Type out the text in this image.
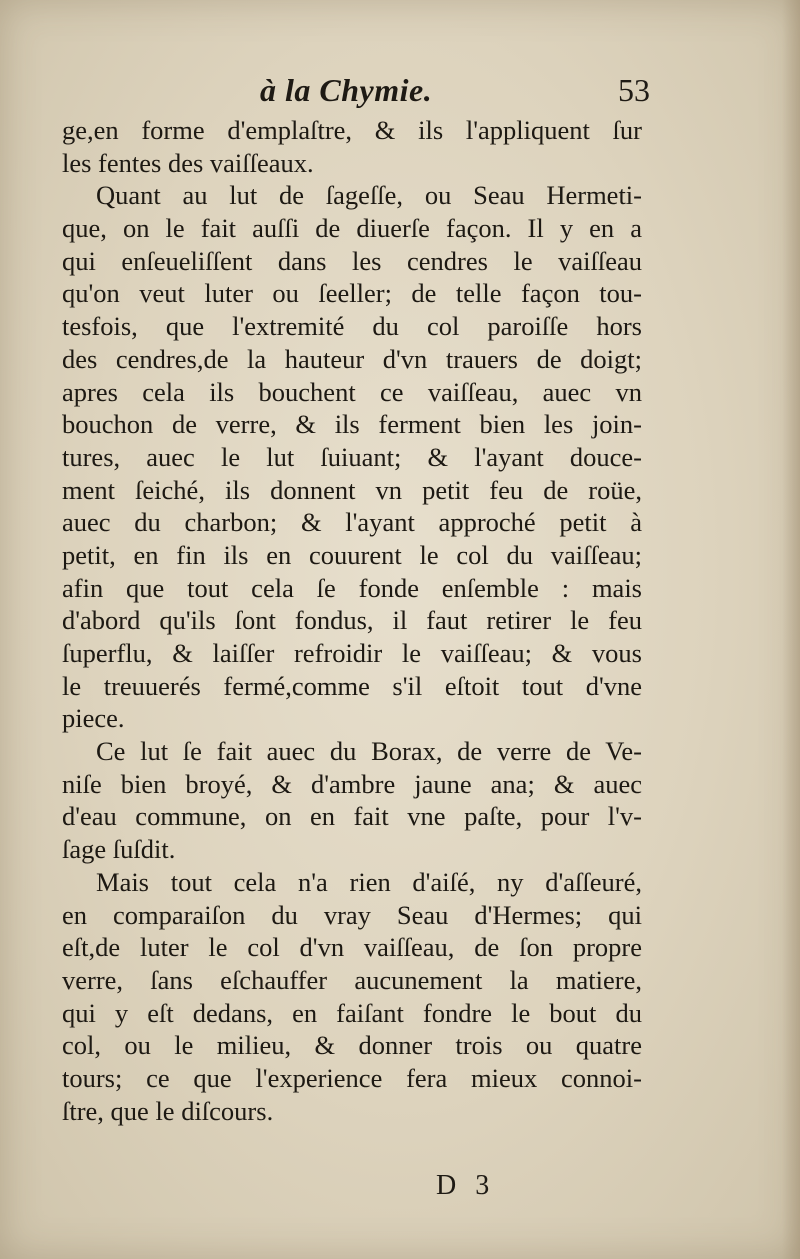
à la Chymie.	53
ge,en forme d'emplaſtre, & ils l'appliquent ſur
les fentes des vaiſſeaux.
Quant au lut de ſageſſe, ou Seau Hermeti-
que, on le fait auſſi de diuerſe façon. Il y en a
qui enſeueliſſent dans les cendres le vaiſſeau
qu'on veut luter ou ſeeller; de telle façon tou-
tesfois, que l'extremité du col paroiſſe hors
des cendres,de la hauteur d'vn trauers de doigt;
apres cela ils bouchent ce vaiſſeau, auec vn
bouchon de verre, & ils ferment bien les join-
tures, auec le lut ſuiuant; & l'ayant douce-
ment ſeiché, ils donnent vn petit feu de roüe,
auec du charbon; & l'ayant approché petit à
petit, en fin ils en couurent le col du vaiſſeau;
afin que tout cela ſe fonde enſemble : mais
d'abord qu'ils ſont fondus, il faut retirer le feu
ſuperflu, & laiſſer refroidir le vaiſſeau; & vous
le treuuerés fermé,comme s'il eſtoit tout d'vne
piece.
Ce lut ſe fait auec du Borax, de verre de Ve-
niſe bien broyé, & d'ambre jaune ana; & auec
d'eau commune, on en fait vne paſte, pour l'v-
ſage ſuſdit.
Mais tout cela n'a rien d'aiſé, ny d'aſſeuré,
en comparaiſon du vray Seau d'Hermes; qui
eſt,de luter le col d'vn vaiſſeau, de ſon propre
verre, ſans eſchauffer aucunement la matiere,
qui y eſt dedans, en faiſant fondre le bout du
col, ou le milieu, & donner trois ou quatre
tours; ce que l'experience fera mieux connoi-
ſtre, que le diſcours.
D 3
